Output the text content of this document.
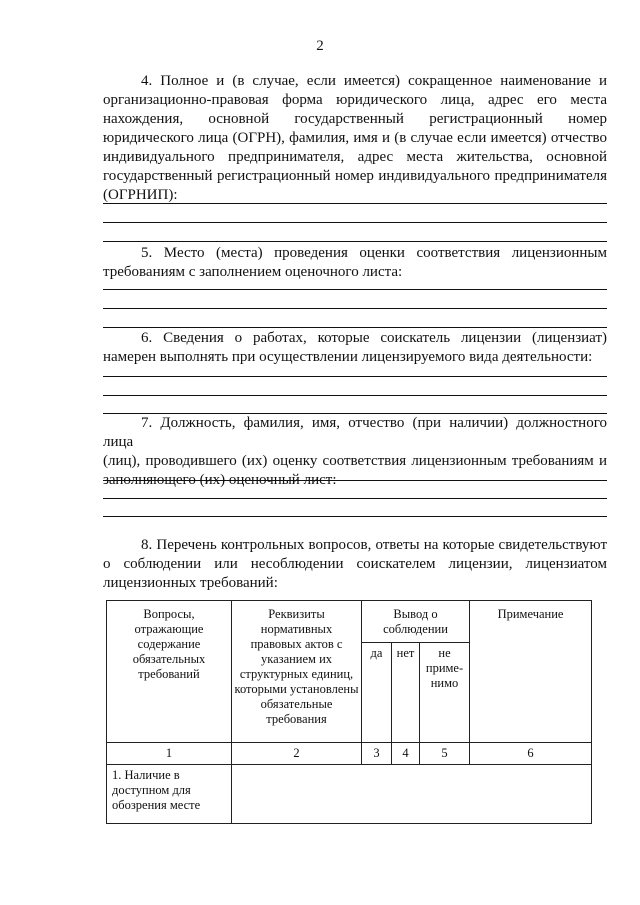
2
4. Полное и (в случае, если имеется) сокращенное наименование и
организационно-правовая форма юридического лица, адрес его места
нахождения, основной государственный регистрационный номер
юридического лица (ОГРН), фамилия, имя и (в случае если имеется) отчество
индивидуального предпринимателя, адрес места жительства, основной
государственный регистрационный номер индивидуального предпринимателя
(ОГРНИП):
5. Место (места) проведения оценки соответствия лицензионным
требованиям с заполнением оценочного листа:
6. Сведения о работах, которые соискатель лицензии (лицензиат)
намерен выполнять при осуществлении лицензируемого вида деятельности:
7. Должность, фамилия, имя, отчество (при наличии) должностного лица
(лиц), проводившего (их) оценку соответствия лицензионным требованиям и
заполняющего (их) оценочный лист:
8. Перечень контрольных вопросов, ответы на которые свидетельствуют
о соблюдении или несоблюдении соискателем лицензии, лицензиатом
лицензионных требований:
Вопросы, отражающие содержание обязательных требований	Реквизиты нормативных правовых актов с указанием их структурных единиц, которыми установлены обязательные требования	Вывод о соблюдении			Примечание
		да	нет	не приме-нимо	
1	2	3	4	5	6
1. Наличие в доступном для обозрения месте					
